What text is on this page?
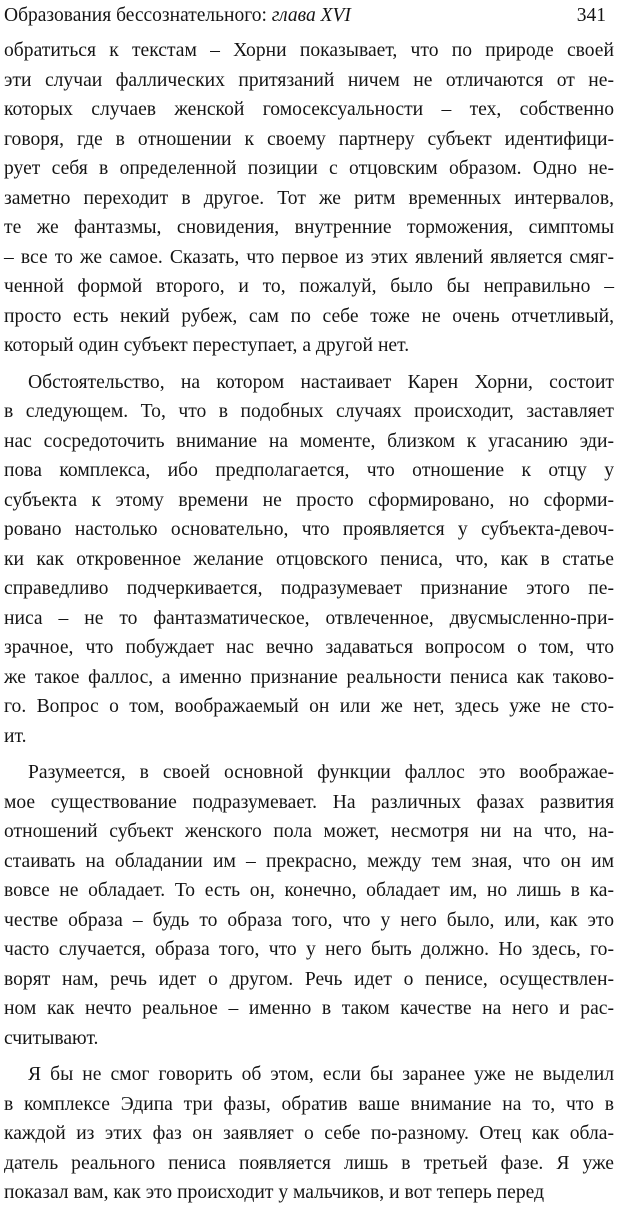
Образования бессознательного: глава XVI	341
обратиться к текстам – Хорни показывает, что по природе своей
эти случаи фаллических притязаний ничем не отличаются от не-
которых случаев женской гомосексуальности – тех, собственно
говоря, где в отношении к своему партнеру субъект идентифици-
рует себя в определенной позиции с отцовским образом. Одно не-
заметно переходит в другое. Тот же ритм временных интервалов,
те же фантазмы, сновидения, внутренние торможения, симптомы
– все то же самое. Сказать, что первое из этих явлений является смяг-
ченной формой второго, и то, пожалуй, было бы неправильно –
просто есть некий рубеж, сам по себе тоже не очень отчетливый,
который один субъект переступает, а другой нет.
Обстоятельство, на котором настаивает Карен Хорни, состоит
в следующем. То, что в подобных случаях происходит, заставляет
нас сосредоточить внимание на моменте, близком к угасанию эди-
пова комплекса, ибо предполагается, что отношение к отцу у
субъекта к этому времени не просто сформировано, но сформи-
ровано настолько основательно, что проявляется у субъекта-девоч-
ки как откровенное желание отцовского пениса, что, как в статье
справедливо подчеркивается, подразумевает признание этого пе-
ниса – не то фантазматическое, отвлеченное, двусмысленно-при-
зрачное, что побуждает нас вечно задаваться вопросом о том, что
же такое фаллос, а именно признание реальности пениса как таково-
го. Вопрос о том, воображаемый он или же нет, здесь уже не сто-
ит.
Разумеется, в своей основной функции фаллос это воображае-
мое существование подразумевает. На различных фазах развития
отношений субъект женского пола может, несмотря ни на что, на-
стаивать на обладании им – прекрасно, между тем зная, что он им
вовсе не обладает. То есть он, конечно, обладает им, но лишь в ка-
честве образа – будь то образа того, что у него было, или, как это
часто случается, образа того, что у него быть должно. Но здесь, го-
ворят нам, речь идет о другом. Речь идет о пенисе, осуществлен-
ном как нечто реальное – именно в таком качестве на него и рас-
считывают.
Я бы не смог говорить об этом, если бы заранее уже не выделил
в комплексе Эдипа три фазы, обратив ваше внимание на то, что в
каждой из этих фаз он заявляет о себе по-разному. Отец как обла-
датель реального пениса появляется лишь в третьей фазе. Я уже
показал вам, как это происходит у мальчиков, и вот теперь перед
